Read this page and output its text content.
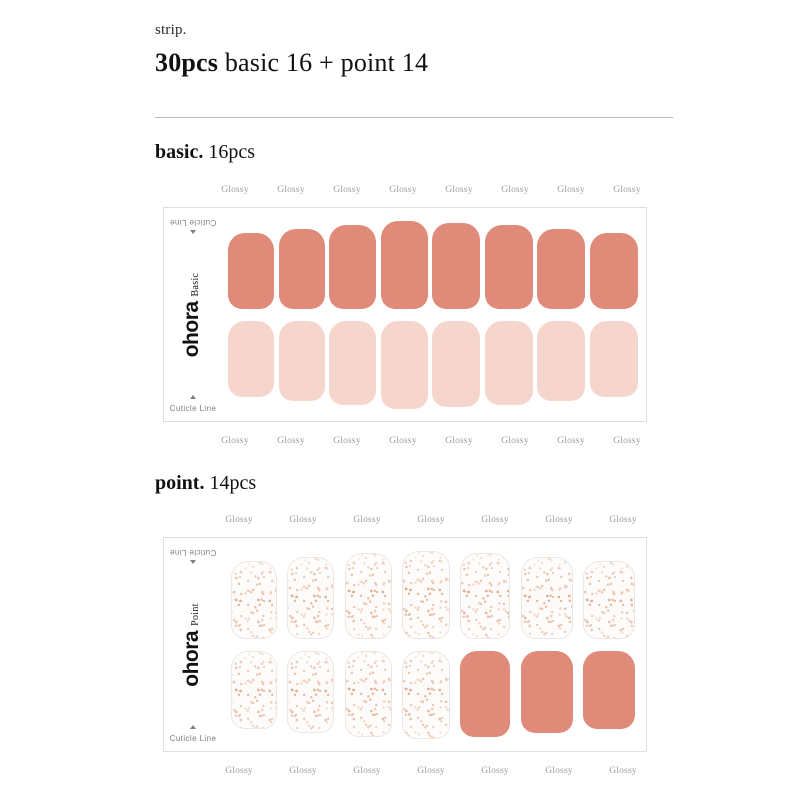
strip.
30pcs basic 16 + point 14
basic. 16pcs
Glossy	Glossy	Glossy	Glossy	Glossy	Glossy	Glossy	Glossy
Cuticle Line
ohora
Basic
Cuticle Line
Glossy	Glossy	Glossy	Glossy	Glossy	Glossy	Glossy	Glossy
point. 14pcs
Glossy	Glossy	Glossy	Glossy	Glossy	Glossy	Glossy
Cuticle Line
ohora
Point
Cuticle Line
Glossy	Glossy	Glossy	Glossy	Glossy	Glossy	Glossy
